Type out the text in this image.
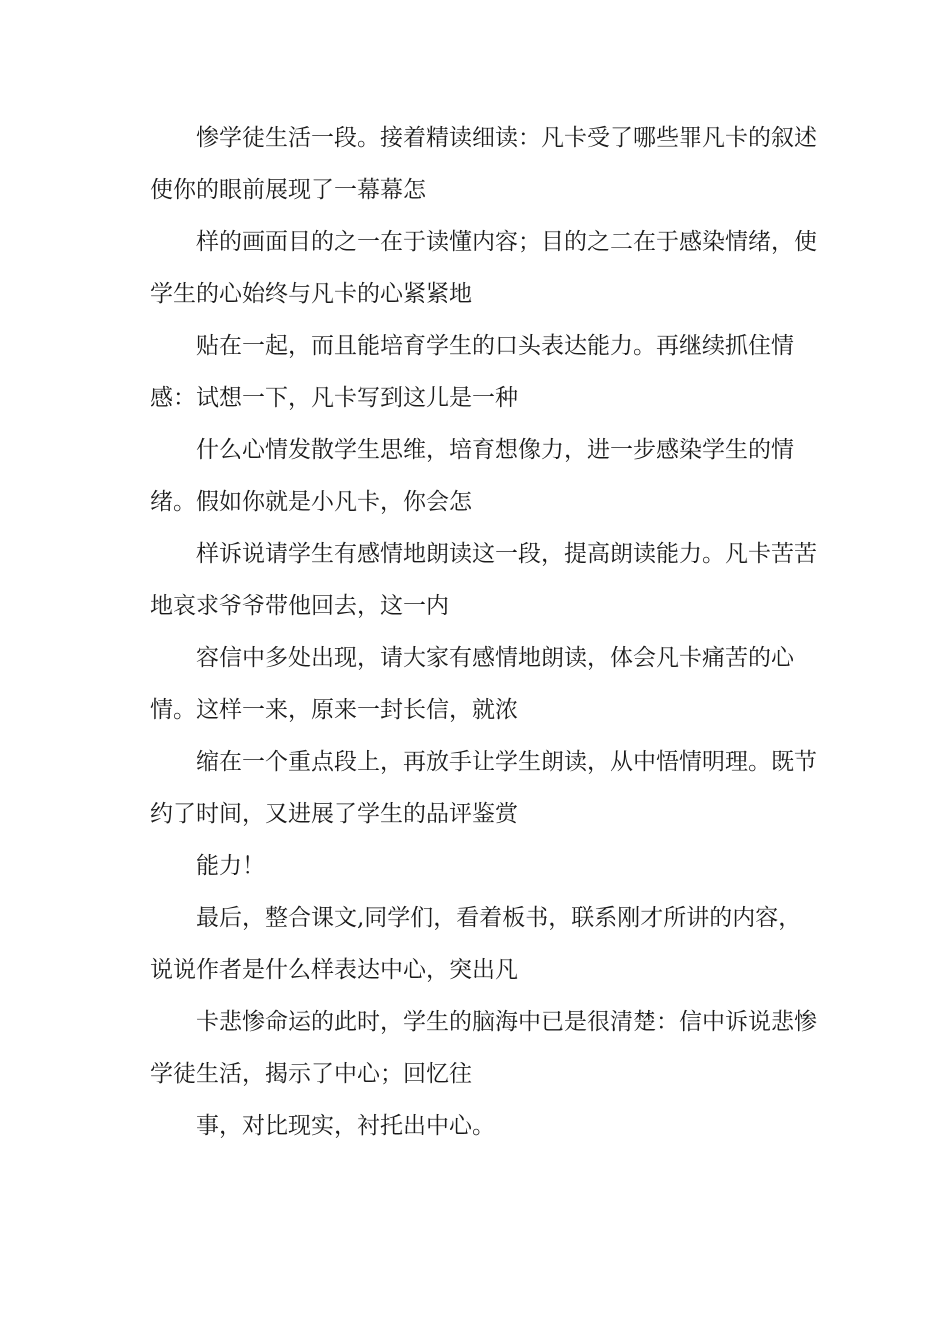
惨学徒生活一段。接着精读细读：凡卡受了哪些罪凡卡的叙述
使你的眼前展现了一幕幕怎

样的画面目的之一在于读懂内容；目的之二在于感染情绪，使
学生的心始终与凡卡的心紧紧地

贴在一起，而且能培育学生的口头表达能力。再继续抓住情
感：试想一下，凡卡写到这儿是一种

什么心情发散学生思维，培育想像力，进一步感染学生的情
绪。假如你就是小凡卡，你会怎

样诉说请学生有感情地朗读这一段，提高朗读能力。凡卡苦苦
地哀求爷爷带他回去，这一内

容信中多处出现，请大家有感情地朗读，体会凡卡痛苦的心
情。这样一来，原来一封长信，就浓

缩在一个重点段上，再放手让学生朗读，从中悟情明理。既节
约了时间，又进展了学生的品评鉴赏

能力！

最后，整合课文,同学们，看着板书，联系刚才所讲的内容，
说说作者是什么样表达中心，突出凡

卡悲惨命运的此时，学生的脑海中已是很清楚：信中诉说悲惨
学徒生活，揭示了中心；回忆往

事，对比现实，衬托出中心。
